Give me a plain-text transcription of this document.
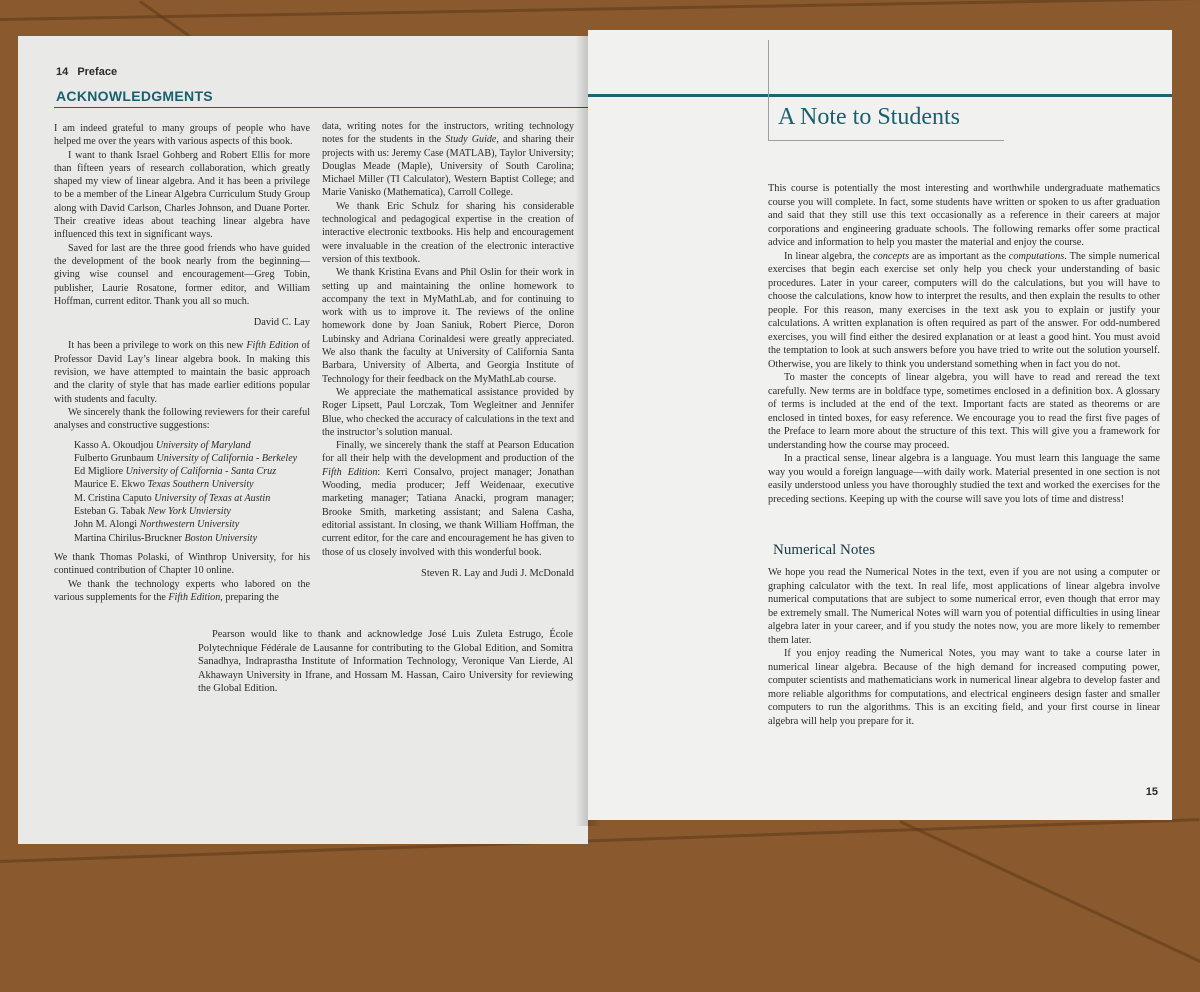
14 Preface
ACKNOWLEDGMENTS

I am indeed grateful to many groups of people who have helped me over the years with various aspects of this book.

I want to thank Israel Gohberg and Robert Ellis for more than fifteen years of research collaboration, which greatly shaped my view of linear algebra. And it has been a privilege to be a member of the Linear Algebra Curriculum Study Group along with David Carlson, Charles Johnson, and Duane Porter. Their creative ideas about teaching linear algebra have influenced this text in significant ways.

Saved for last are the three good friends who have guided the development of the book nearly from the beginning—giving wise counsel and encouragement—Greg Tobin, publisher, Laurie Rosatone, former editor, and William Hoffman, current editor. Thank you all so much.

David C. Lay

It has been a privilege to work on this new Fifth Edition of Professor David Lay’s linear algebra book. In making this revision, we have attempted to maintain the basic approach and the clarity of style that has made earlier editions popular with students and faculty.

We sincerely thank the following reviewers for their careful analyses and constructive suggestions:

Kasso A. Okoudjou University of Maryland
Fulberto Grunbaum University of California - Berkeley
Ed Migliore University of California - Santa Cruz
Maurice E. Ekwo Texas Southern University
M. Cristina Caputo University of Texas at Austin
Esteban G. Tabak New York Unviersity
John M. Alongi Northwestern University
Martina Chirilus-Bruckner Boston University

We thank Thomas Polaski, of Winthrop University, for his continued contribution of Chapter 10 online.

We thank the technology experts who labored on the various supplements for the Fifth Edition, preparing the

data, writing notes for the instructors, writing technology notes for the students in the Study Guide, and sharing their projects with us: Jeremy Case (MATLAB), Taylor University; Douglas Meade (Maple), University of South Carolina; Michael Miller (TI Calculator), Western Baptist College; and Marie Vanisko (Mathematica), Carroll College.

We thank Eric Schulz for sharing his considerable technological and pedagogical expertise in the creation of interactive electronic textbooks. His help and encouragement were invaluable in the creation of the electronic interactive version of this textbook.

We thank Kristina Evans and Phil Oslin for their work in setting up and maintaining the online homework to accompany the text in MyMathLab, and for continuing to work with us to improve it. The reviews of the online homework done by Joan Saniuk, Robert Pierce, Doron Lubinsky and Adriana Corinaldesi were greatly appreciated. We also thank the faculty at University of California Santa Barbara, University of Alberta, and Georgia Institute of Technology for their feedback on the MyMathLab course.

We appreciate the mathematical assistance provided by Roger Lipsett, Paul Lorczak, Tom Wegleitner and Jennifer Blue, who checked the accuracy of calculations in the text and the instructor’s solution manual.

Finally, we sincerely thank the staff at Pearson Education for all their help with the development and production of the Fifth Edition: Kerri Consalvo, project manager; Jonathan Wooding, media producer; Jeff Weidenaar, executive marketing manager; Tatiana Anacki, program manager; Brooke Smith, marketing assistant; and Salena Casha, editorial assistant. In closing, we thank William Hoffman, the current editor, for the care and encouragement he has given to those of us closely involved with this wonderful book.

Steven R. Lay and Judi J. McDonald

Pearson would like to thank and acknowledge José Luis Zuleta Estrugo, École Polytechnique Fédérale de Lausanne for contributing to the Global Edition, and Somitra Sanadhya, Indraprastha Institute of Information Technology, Veronique Van Lierde, Al Akhawayn University in Ifrane, and Hossam M. Hassan, Cairo University for reviewing the Global Edition.

A Note to Students

This course is potentially the most interesting and worthwhile undergraduate mathematics course you will complete. In fact, some students have written or spoken to us after graduation and said that they still use this text occasionally as a reference in their careers at major corporations and engineering graduate schools. The following remarks offer some practical advice and information to help you master the material and enjoy the course.

In linear algebra, the concepts are as important as the computations. The simple numerical exercises that begin each exercise set only help you check your understanding of basic procedures. Later in your career, computers will do the calculations, but you will have to choose the calculations, know how to interpret the results, and then explain the results to other people. For this reason, many exercises in the text ask you to explain or justify your calculations. A written explanation is often required as part of the answer. For odd-numbered exercises, you will find either the desired explanation or at least a good hint. You must avoid the temptation to look at such answers before you have tried to write out the solution yourself. Otherwise, you are likely to think you understand something when in fact you do not.

To master the concepts of linear algebra, you will have to read and reread the text carefully. New terms are in boldface type, sometimes enclosed in a definition box. A glossary of terms is included at the end of the text. Important facts are stated as theorems or are enclosed in tinted boxes, for easy reference. We encourage you to read the first five pages of the Preface to learn more about the structure of this text. This will give you a framework for understanding how the course may proceed.

In a practical sense, linear algebra is a language. You must learn this language the same way you would a foreign language—with daily work. Material presented in one section is not easily understood unless you have thoroughly studied the text and worked the exercises for the preceding sections. Keeping up with the course will save you lots of time and distress!

Numerical Notes

We hope you read the Numerical Notes in the text, even if you are not using a computer or graphing calculator with the text. In real life, most applications of linear algebra involve numerical computations that are subject to some numerical error, even though that error may be extremely small. The Numerical Notes will warn you of potential difficulties in using linear algebra later in your career, and if you study the notes now, you are more likely to remember them later.

If you enjoy reading the Numerical Notes, you may want to take a course later in numerical linear algebra. Because of the high demand for increased computing power, computer scientists and mathematicians work in numerical linear algebra to develop faster and more reliable algorithms for computations, and electrical engineers design faster and smaller computers to run the algorithms. This is an exciting field, and your first course in linear algebra will help you prepare for it.

15
